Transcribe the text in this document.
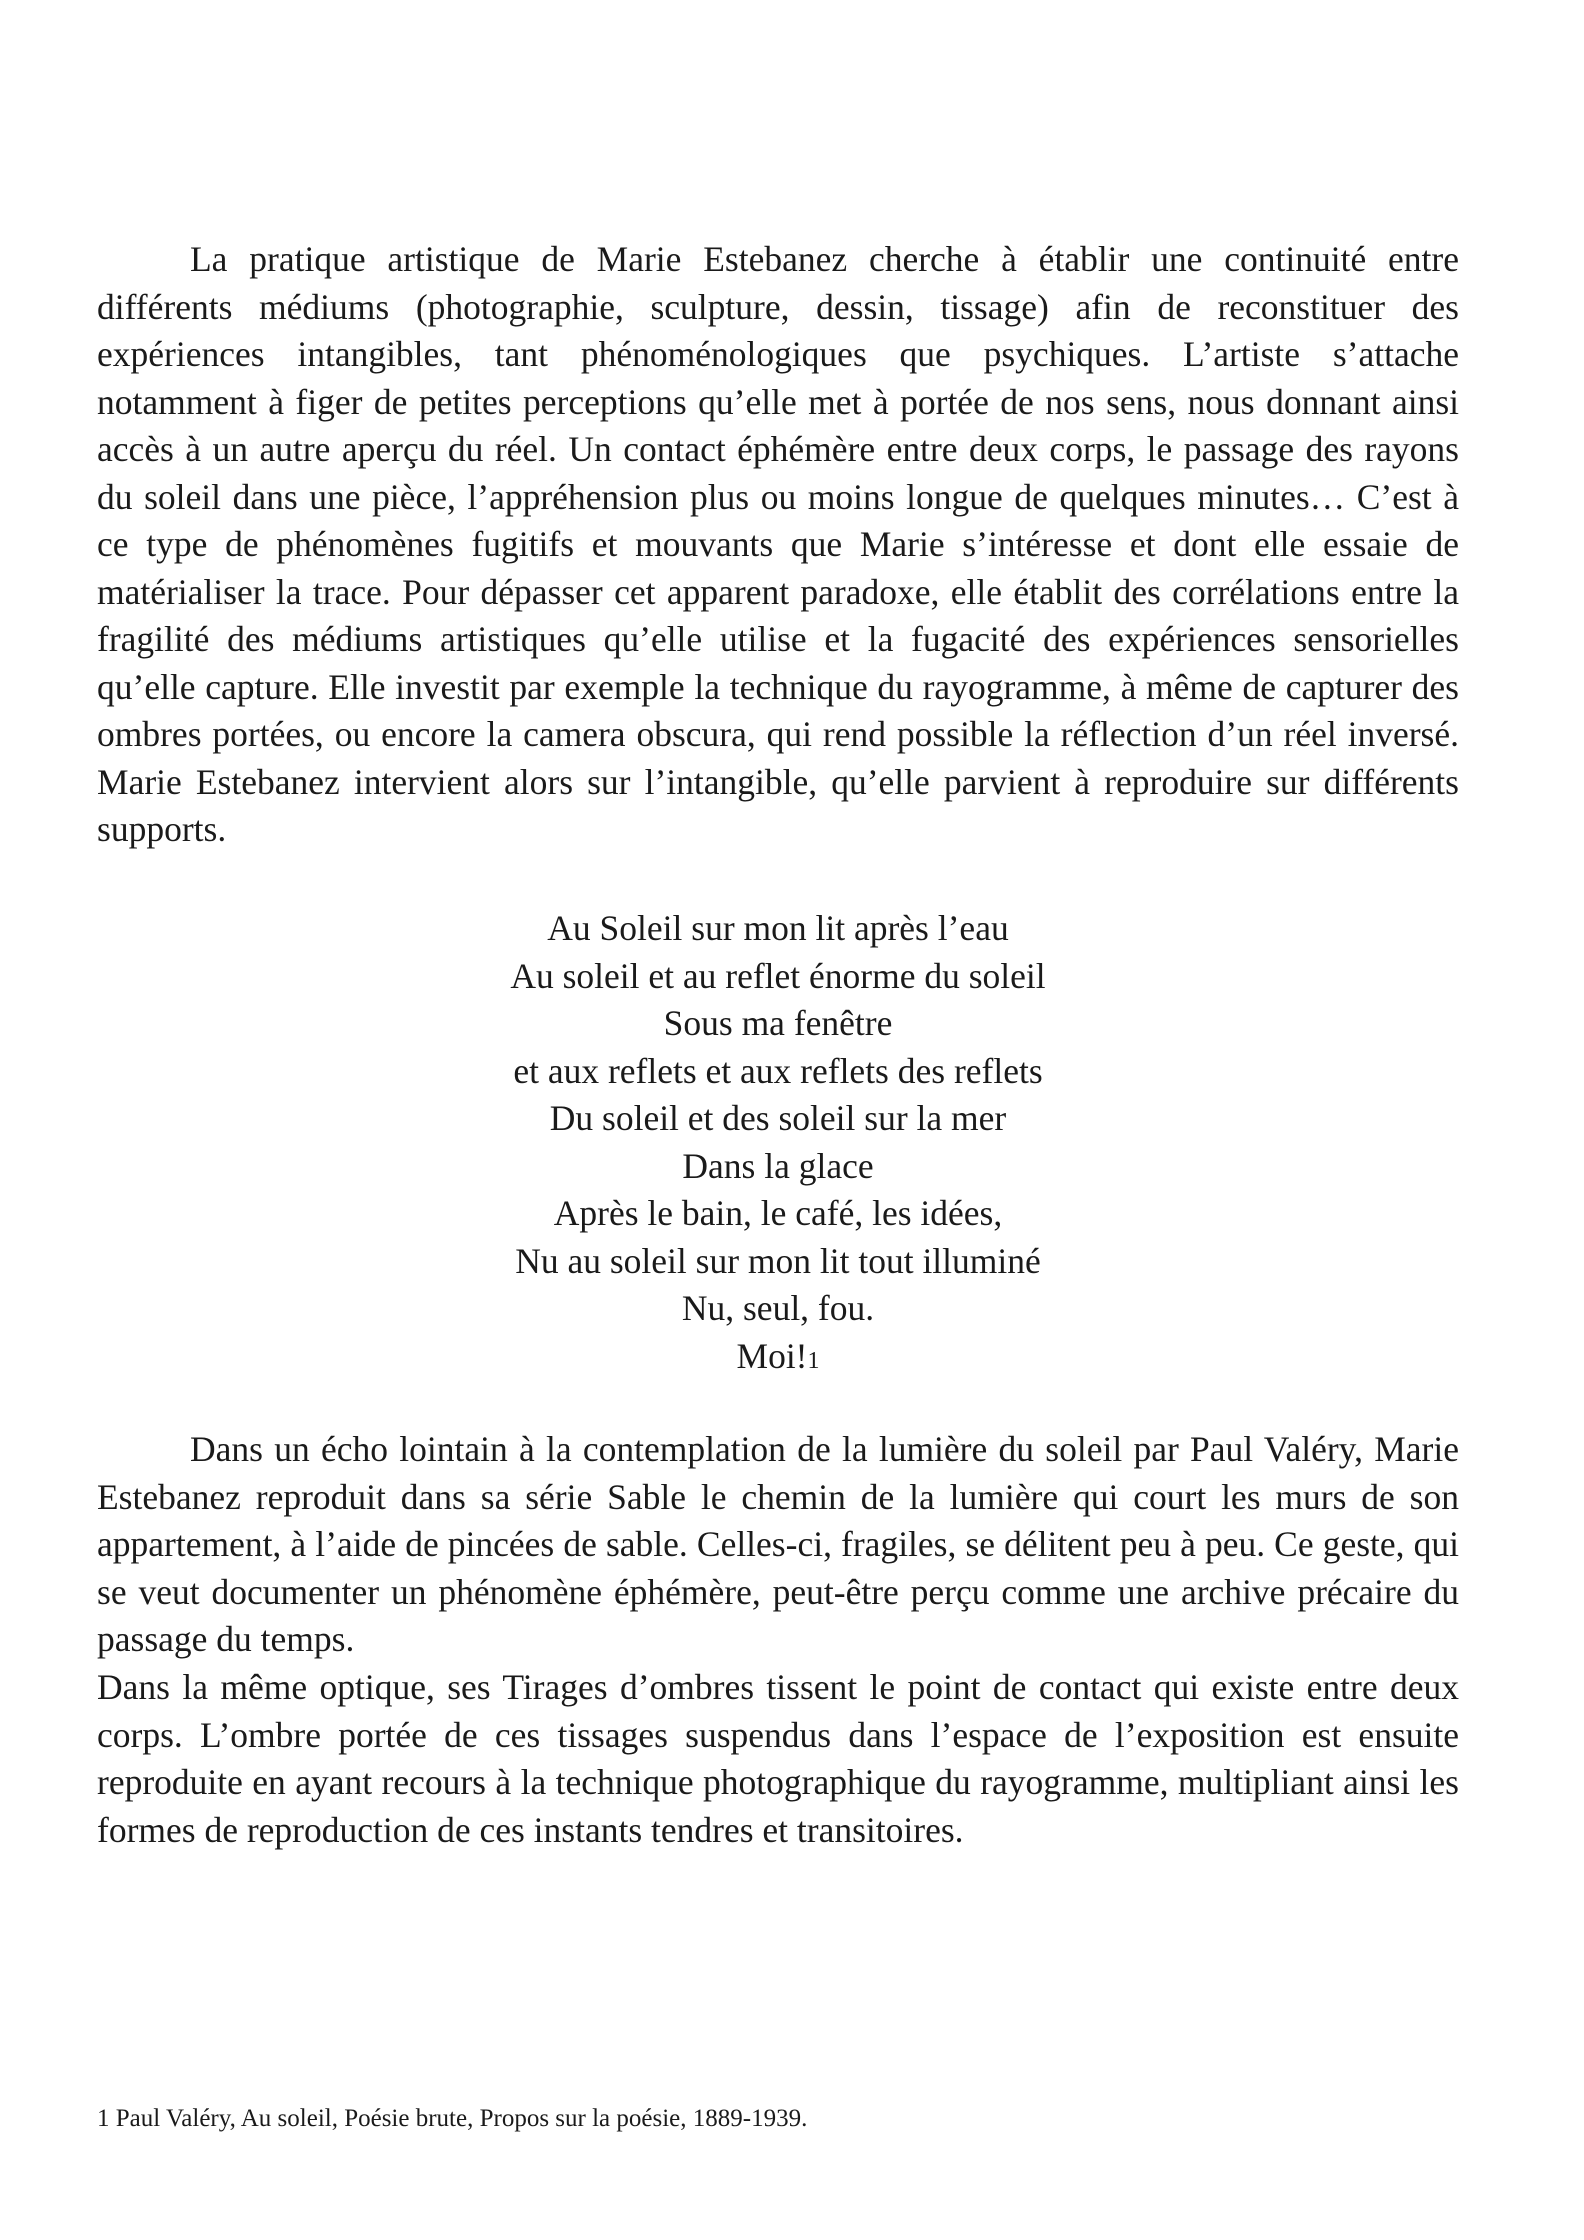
La pratique artistique de Marie Estebanez cherche à établir une continuité entre différents médiums (photographie, sculpture, dessin, tissage) afin de reconstituer des expériences intangibles, tant phénoménologiques que psychiques. L’artiste s’attache notamment à figer de petites perceptions qu’elle met à portée de nos sens, nous donnant ainsi accès à un autre aperçu du réel. Un contact éphémère entre deux corps, le passage des rayons du soleil dans une pièce, l’appréhension plus ou moins longue de quelques minutes… C’est à ce type de phénomènes fugitifs et mouvants que Marie s’intéresse et dont elle essaie de matérialiser la trace. Pour dépasser cet apparent paradoxe, elle établit des corrélations entre la fragilité des médiums artistiques qu’elle utilise et la fugacité des expériences sensorielles qu’elle capture. Elle investit par exemple la technique du rayogramme, à même de capturer des ombres portées, ou encore la camera obscura, qui rend possible la réflection d’un réel inversé. Marie Estebanez intervient alors sur l’intangible, qu’elle parvient à reproduire sur différents supports.

Au Soleil sur mon lit après l’eau
Au soleil et au reflet énorme du soleil
Sous ma fenêtre
et aux reflets et aux reflets des reflets
Du soleil et des soleil sur la mer
Dans la glace
Après le bain, le café, les idées,
Nu au soleil sur mon lit tout illuminé
Nu, seul, fou.
Moi!1

Dans un écho lointain à la contemplation de la lumière du soleil par Paul Valéry, Marie Estebanez reproduit dans sa série Sable le chemin de la lumière qui court les murs de son appartement, à l’aide de pincées de sable. Celles-ci, fragiles, se délitent peu à peu. Ce geste, qui se veut documenter un phénomène éphémère, peut-être perçu comme une archive précaire du passage du temps.

Dans la même optique, ses Tirages d’ombres tissent le point de contact qui existe entre deux corps. L’ombre portée de ces tissages suspendus dans l’espace de l’exposition est ensuite reproduite en ayant recours à la technique photographique du rayogramme, multipliant ainsi les formes de reproduction de ces instants tendres et transitoires.

1 Paul Valéry, Au soleil, Poésie brute, Propos sur la poésie, 1889-1939.
